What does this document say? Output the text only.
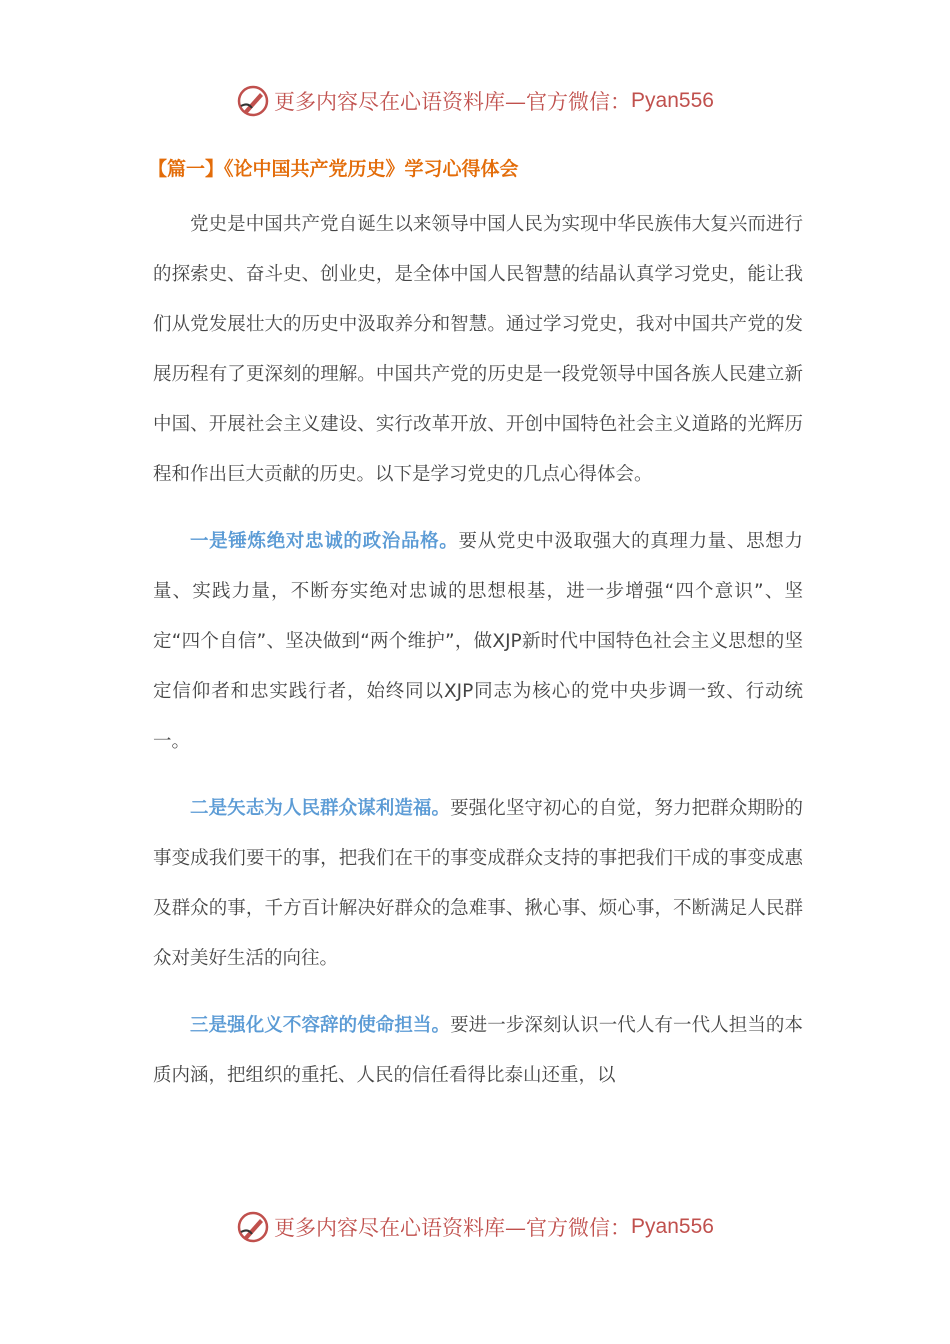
更多内容尽在心语资料库—官方微信：Pyan556
【篇一】《论中国共产党历史》学习心得体会

党史是中国共产党自诞生以来领导中国人民为实现中华民族伟大复兴而进行的探索史、奋斗史、创业史，是全体中国人民智慧的结晶认真学习党史，能让我们从党发展壮大的历史中汲取养分和智慧。通过学习党史，我对中国共产党的发展历程有了更深刻的理解。中国共产党的历史是一段党领导中国各族人民建立新中国、开展社会主义建设、实行改革开放、开创中国特色社会主义道路的光辉历程和作出巨大贡献的历史。以下是学习党史的几点心得体会。

一是锤炼绝对忠诚的政治品格。要从党史中汲取强大的真理力量、思想力量、实践力量，不断夯实绝对忠诚的思想根基，进一步增强“四个意识”、坚定“四个自信”、坚决做到“两个维护”，做XJP新时代中国特色社会主义思想的坚定信仰者和忠实践行者，始终同以XJP同志为核心的党中央步调一致、行动统一。

二是矢志为人民群众谋利造福。要强化坚守初心的自觉，努力把群众期盼的事变成我们要干的事，把我们在干的事变成群众支持的事把我们干成的事变成惠及群众的事，千方百计解决好群众的急难事、揪心事、烦心事，不断满足人民群众对美好生活的向往。

三是强化义不容辞的使命担当。要进一步深刻认识一代人有一代人担当的本质内涵，把组织的重托、人民的信任看得比泰山还重，以

更多内容尽在心语资料库—官方微信：Pyan556
